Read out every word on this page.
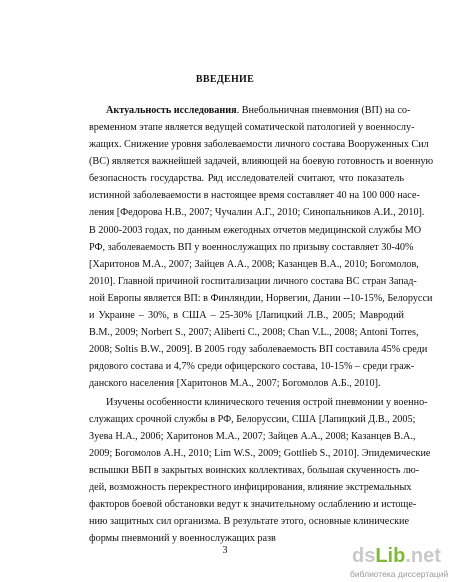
ВВЕДЕНИЕ
Актуальность исследования. Внебольничная пневмония (ВП) на со-
временном этапе является ведущей соматической патологией у военнослу-
жащих. Снижение уровня заболеваемости личного состава Вооруженных Сил
(ВС) является важнейшей задачей, влияющей на боевую готовность и военную
безопасность государства. Ряд исследователей считают, что показатель
истинной заболеваемости в настоящее время составляет 40 на 100 000 насе-
ления [Федорова Н.В., 2007; Чучалин А.Г., 2010; Синопальников А.И., 2010].
В 2000-2003 годах, по данным ежегодных отчетов медицинской службы МО
РФ, заболеваемость ВП у военнослужащих по призыву составляет 30-40%
[Харитонов М.А., 2007; Зайцев А.А., 2008; Казанцев В.А., 2010; Богомолов,
2010]. Главной причиной госпитализации личного состава ВС стран Запад-
ной Европы является ВП: в Финляндии, Норвегии, Дании --10-15%, Белорусси
и Украине – 30%, в США – 25-30% [Лапицкий Л.В., 2005; Мавродий
В.М., 2009; Norbert S., 2007; Aliberti C., 2008; Chan V.L., 2008; Antoni Torres,
2008; Soltis B.W., 2009]. В 2005 году заболеваемость ВП составила 45% среди
рядового состава и 4,7% среди офицерского состава, 10-15% – среди граж-
данского населения [Харитонов М.А., 2007; Богомолов А.Б., 2010].
Изучены особенности клинического течения острой пневмонии у военно-
служащих срочной службы в РФ, Белоруссии, США [Лапицкий Д.В., 2005;
Зуева Н.А., 2006; Харитонов М.А., 2007; Зайцев А.А., 2008; Казанцев В.А.,
2009; Богомолов А.Н., 2010; Lim W.S., 2009; Gottlieb S., 2010]. Эпидемические
вспышки ВБП в закрытых воинских коллективах, большая скученность лю-
дей, возможность перекрестного инфицирования, влияние экстремальных
факторов боевой обстановки ведут к значительному ослаблению и истоще-
нию защитных сил организма. В результате этого, основные клинические
формы пневмоний у военнослужащих разв
3	dsLib.net
библиотека диссертаций
